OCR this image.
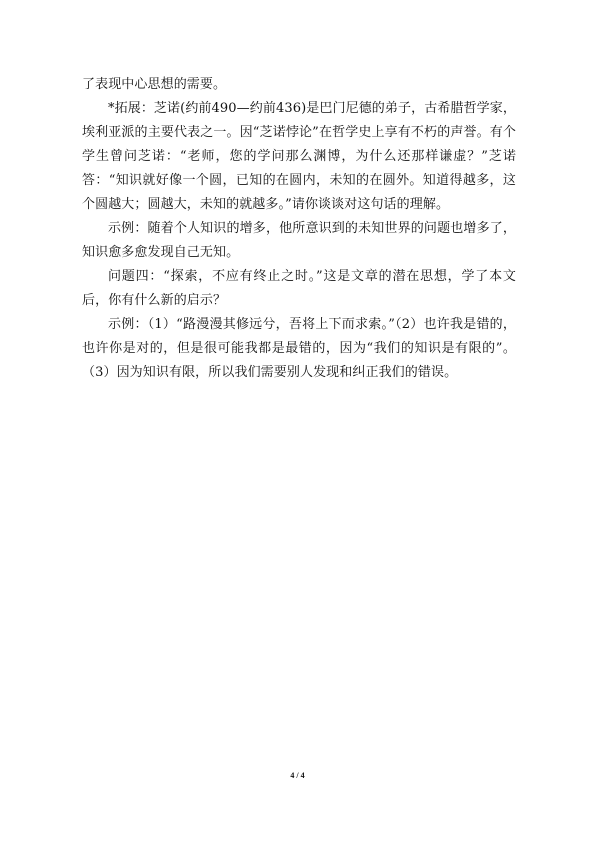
了表现中心思想的需要。

*拓展：芝诺(约前490—约前436)是巴门尼德的弟子，古希腊哲学家，埃利亚派的主要代表之一。因“芝诺悖论”在哲学史上享有不朽的声誉。有个学生曾问芝诺：“老师，您的学问那么渊博，为什么还那样谦虚？”芝诺答：“知识就好像一个圆，已知的在圆内，未知的在圆外。知道得越多，这个圆越大；圆越大，未知的就越多。”请你谈谈对这句话的理解。

示例：随着个人知识的增多，他所意识到的未知世界的问题也增多了，知识愈多愈发现自己无知。

问题四：“探索，不应有终止之时。”这是文章的潜在思想，学了本文后，你有什么新的启示？

示例：（1）“路漫漫其修远兮，吾将上下而求索。”（2）也许我是错的，也许你是对的，但是很可能我都是最错的，因为“我们的知识是有限的”。（3）因为知识有限，所以我们需要别人发现和纠正我们的错误。

4 / 4
